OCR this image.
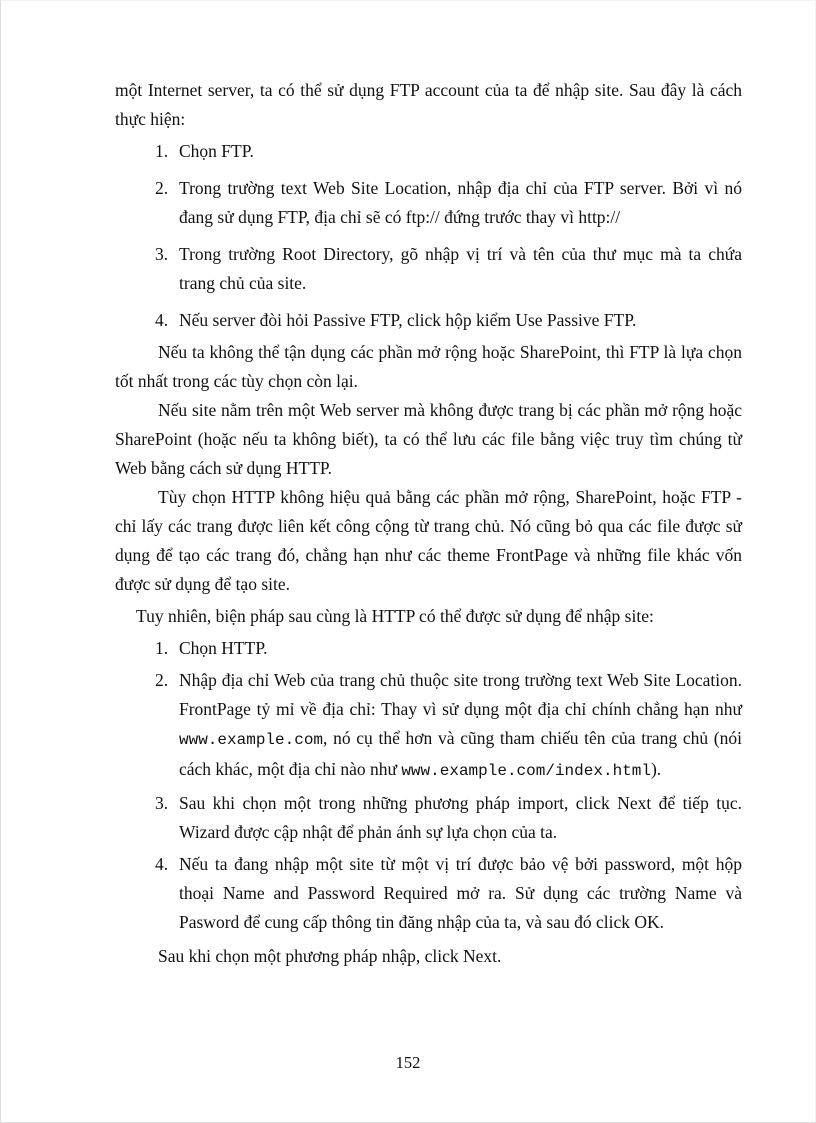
một Internet server, ta có thể sử dụng FTP account của ta để nhập site. Sau đây là cách thực hiện:

1. Chọn FTP.
2. Trong trường text Web Site Location, nhập địa chỉ của FTP server. Bởi vì nó đang sử dụng FTP, địa chỉ sẽ có ftp:// đứng trước thay vì http://
3. Trong trường Root Directory, gõ nhập vị trí và tên của thư mục mà ta chứa trang chủ của site.
4. Nếu server đòi hỏi Passive FTP, click hộp kiểm Use Passive FTP.

Nếu ta không thể tận dụng các phần mở rộng hoặc SharePoint, thì FTP là lựa chọn tốt nhất trong các tùy chọn còn lại.

Nếu site nằm trên một Web server mà không được trang bị các phần mở rộng hoặc SharePoint (hoặc nếu ta không biết), ta có thể lưu các file bằng việc truy tìm chúng từ Web bằng cách sử dụng HTTP.

Tùy chọn HTTP không hiệu quả bằng các phần mở rộng, SharePoint, hoặc FTP - chỉ lấy các trang được liên kết công cộng từ trang chủ. Nó cũng bỏ qua các file được sử dụng để tạo các trang đó, chẳng hạn như các theme FrontPage và những file khác vốn được sử dụng để tạo site.

Tuy nhiên, biện pháp sau cùng là HTTP có thể được sử dụng để nhập site:

1. Chọn HTTP.
2. Nhập địa chỉ Web của trang chủ thuộc site trong trường text Web Site Location. FrontPage tỷ mỉ về địa chỉ: Thay vì sử dụng một địa chỉ chính chẳng hạn như www.example.com, nó cụ thể hơn và cũng tham chiếu tên của trang chủ (nói cách khác, một địa chỉ nào như www.example.com/index.html).
3. Sau khi chọn một trong những phương pháp import, click Next để tiếp tục. Wizard được cập nhật để phản ánh sự lựa chọn của ta.
4. Nếu ta đang nhập một site từ một vị trí được bảo vệ bởi password, một hộp thoại Name and Password Required mở ra. Sử dụng các trường Name và Pasword để cung cấp thông tin đăng nhập của ta, và sau đó click OK.

Sau khi chọn một phương pháp nhập, click Next.

152
